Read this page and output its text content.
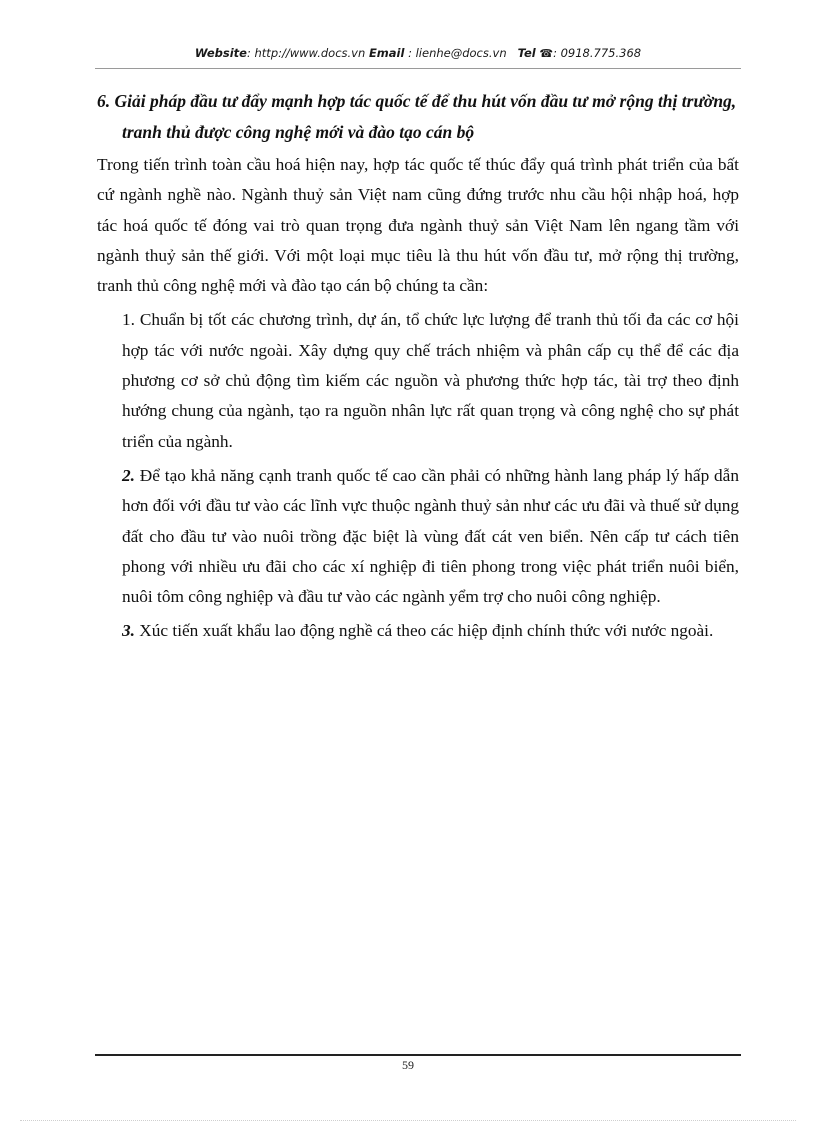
Website: http://www.docs.vn Email : lienhe@docs.vn Tel ☎: 0918.775.368

6. Giải pháp đầu tư đẩy mạnh hợp tác quốc tế để thu hút vốn đầu tư mở rộng thị trường, tranh thủ được công nghệ mới và đào tạo cán bộ

Trong tiến trình toàn cầu hoá hiện nay, hợp tác quốc tế thúc đẩy quá trình phát triển của bất cứ ngành nghề nào. Ngành thuỷ sản Việt nam cũng đứng trước nhu cầu hội nhập hoá, hợp tác hoá quốc tế đóng vai trò quan trọng đưa ngành thuỷ sản Việt Nam lên ngang tầm với ngành thuỷ sản thế giới. Với một loại mục tiêu là thu hút vốn đầu tư, mở rộng thị trường, tranh thủ công nghệ mới và đào tạo cán bộ chúng ta cần:

1. Chuẩn bị tốt các chương trình, dự án, tổ chức lực lượng để tranh thủ tối đa các cơ hội hợp tác với nước ngoài. Xây dựng quy chế trách nhiệm và phân cấp cụ thể để các địa phương cơ sở chủ động tìm kiếm các nguồn và phương thức hợp tác, tài trợ theo định hướng chung của ngành, tạo ra nguồn nhân lực rất quan trọng và công nghệ cho sự phát triển của ngành.

2. Để tạo khả năng cạnh tranh quốc tế cao cần phải có những hành lang pháp lý hấp dẫn hơn đối với đầu tư vào các lĩnh vực thuộc ngành thuỷ sản như các ưu đãi và thuế sử dụng đất cho đầu tư vào nuôi trồng đặc biệt là vùng đất cát ven biển. Nên cấp tư cách tiên phong với nhiều ưu đãi cho các xí nghiệp đi tiên phong trong việc phát triển nuôi biển, nuôi tôm công nghiệp và đầu tư vào các ngành yểm trợ cho nuôi công nghiệp.

3. Xúc tiến xuất khẩu lao động nghề cá theo các hiệp định chính thức với nước ngoài.

59
